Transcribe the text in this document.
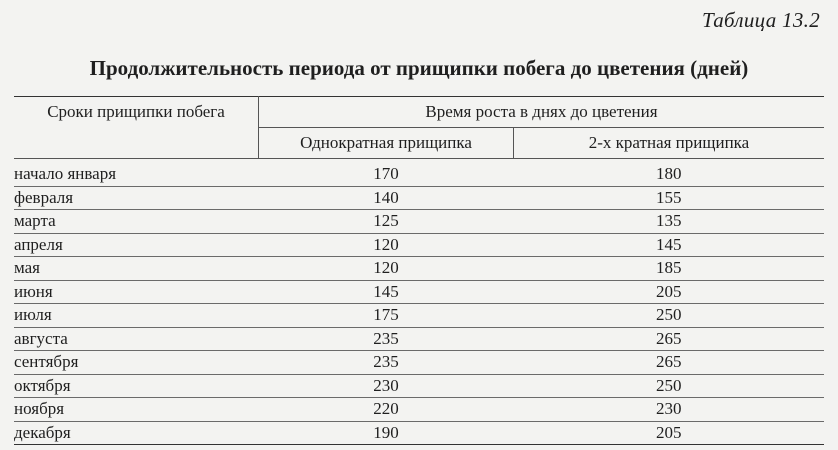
Таблица 13.2
Продолжительность периода от прищипки побега до цветения (дней)
Сроки прищипки побега	Время роста в днях до цветения	
	Однократная прищипка	2-х кратная прищипка
начало января	170	180
февраля	140	155
марта	125	135
апреля	120	145
мая	120	185
июня	145	205
июля	175	250
августа	235	265
сентября	235	265
октября	230	250
ноября	220	230
декабря	190	205
